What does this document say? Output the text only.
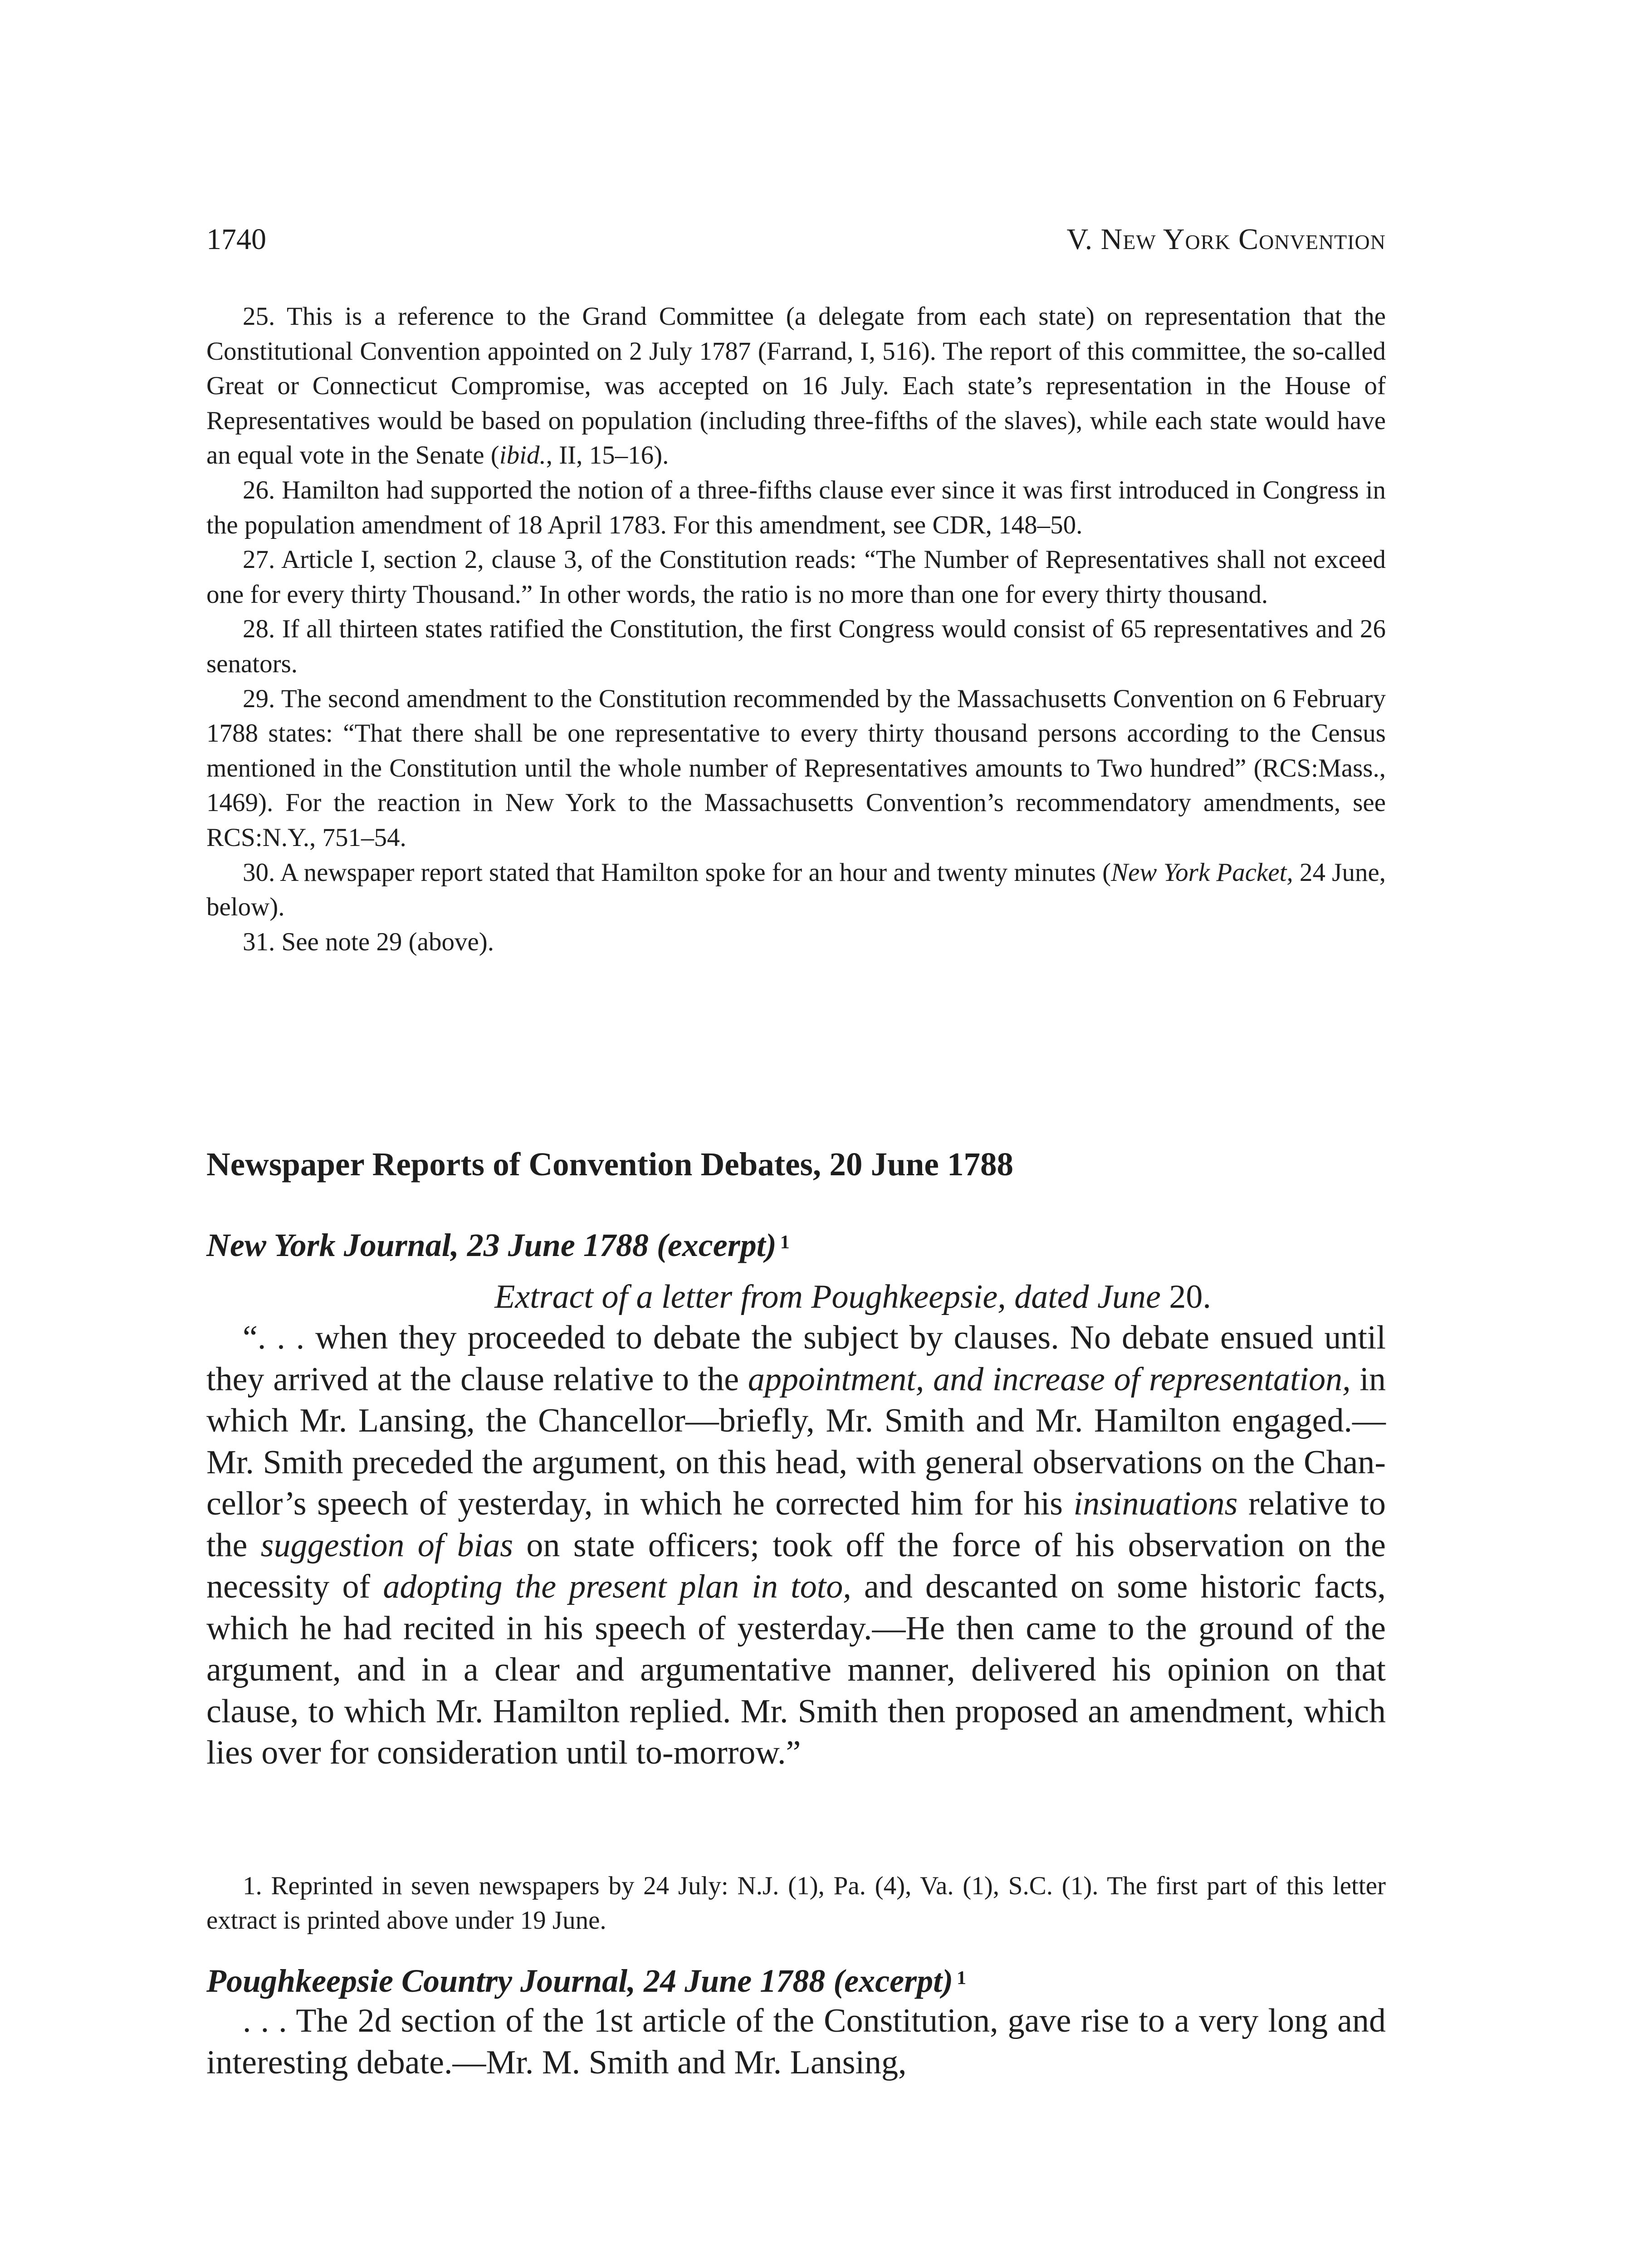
1740	V. New York Convention

25. This is a reference to the Grand Committee (a delegate from each state) on representation that the Constitutional Convention appointed on 2 July 1787 (Farrand, I, 516). The report of this committee, the so-called Great or Connecticut Compromise, was accepted on 16 July. Each state’s representation in the House of Representatives would be based on population (including three-fifths of the slaves), while each state would have an equal vote in the Senate (ibid., II, 15–16).

26. Hamilton had supported the notion of a three-fifths clause ever since it was first introduced in Congress in the population amendment of 18 April 1783. For this amendment, see CDR, 148–50.

27. Article I, section 2, clause 3, of the Constitution reads: “The Number of Representatives shall not exceed one for every thirty Thousand.” In other words, the ratio is no more than one for every thirty thousand.

28. If all thirteen states ratified the Constitution, the first Congress would consist of 65 representatives and 26 senators.

29. The second amendment to the Constitution recommended by the Massachusetts Convention on 6 February 1788 states: “That there shall be one representative to every thirty thousand persons according to the Census mentioned in the Constitution until the whole number of Representatives amounts to Two hundred” (RCS:Mass., 1469). For the reaction in New York to the Massachusetts Convention’s recommendatory amendments, see RCS:N.Y., 751–54.

30. A newspaper report stated that Hamilton spoke for an hour and twenty minutes (New York Packet, 24 June, below).

31. See note 29 (above).

Newspaper Reports of Convention Debates, 20 June 1788
New York Journal, 23 June 1788 (excerpt) $^1$

Extract of a letter from Poughkeepsie, dated June 20.

“. . . when they proceeded to debate the subject by clauses. No debate ensued until they arrived at the clause relative to the appointment, and increase of representation, in which Mr. Lansing, the Chancellor—briefly, Mr. Smith and Mr. Hamilton engaged.—Mr. Smith preceded the argument, on this head, with general observations on the Chancellor’s speech of yesterday, in which he corrected him for his insinuations relative to the suggestion of bias on state officers; took off the force of his observation on the necessity of adopting the present plan in toto, and descanted on some historic facts, which he had recited in his speech of yesterday.—He then came to the ground of the argument, and in a clear and argumentative manner, delivered his opinion on that clause, to which Mr. Hamilton replied. Mr. Smith then proposed an amendment, which lies over for consideration until to-morrow.”

1. Reprinted in seven newspapers by 24 July: N.J. (1), Pa. (4), Va. (1), S.C. (1). The first part of this letter extract is printed above under 19 June.

Poughkeepsie Country Journal, 24 June 1788 (excerpt) $^1$

. . . The 2d section of the 1st article of the Constitution, gave rise to a very long and interesting debate.—Mr. M. Smith and Mr. Lansing,
